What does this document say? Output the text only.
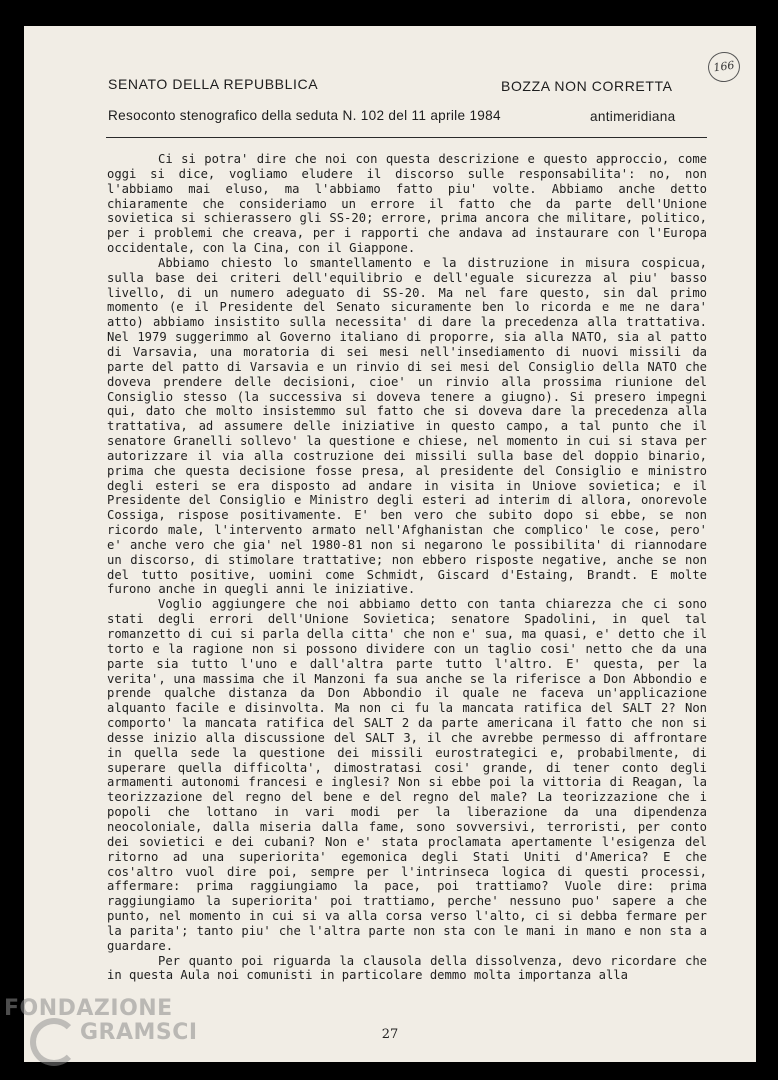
SENATO DELLA REPUBBLICA	BOZZA NON CORRETTA
166
Resoconto stenografico della seduta N. 102 del 11 aprile 1984	antimeridiana

Ci si potra' dire che noi con questa descrizione e questo approccio, come oggi si dice, vogliamo eludere il discorso sulle responsabilita': no, non l'abbiamo mai eluso, ma l'abbiamo fatto piu' volte. Abbiamo anche detto chiaramente che consideriamo un errore il fatto che da parte dell'Unione sovietica si schierassero gli SS-20; errore, prima ancora che militare, politico, per i problemi che creava, per i rapporti che andava ad instaurare con l'Europa occidentale, con la Cina, con il Giappone.

Abbiamo chiesto lo smantellamento e la distruzione in misura cospicua, sulla base dei criteri dell'equilibrio e dell'eguale sicurezza al piu' basso livello, di un numero adeguato di SS-20. Ma nel fare questo, sin dal primo momento (e il Presidente del Senato sicuramente ben lo ricorda e me ne dara' atto) abbiamo insistito sulla necessita' di dare la precedenza alla trattativa. Nel 1979 suggerimmo al Governo italiano di proporre, sia alla NATO, sia al patto di Varsavia, una moratoria di sei mesi nell'insediamento di nuovi missili da parte del patto di Varsavia e un rinvio di sei mesi del Consiglio della NATO che doveva prendere delle decisioni, cioe' un rinvio alla prossima riunione del Consiglio stesso (la successiva si doveva tenere a giugno). Si presero impegni qui, dato che molto insistemmo sul fatto che si doveva dare la precedenza alla trattativa, ad assumere delle iniziative in questo campo, a tal punto che il senatore Granelli sollevo' la questione e chiese, nel momento in cui si stava per autorizzare il via alla costruzione dei missili sulla base del doppio binario, prima che questa decisione fosse presa, al presidente del Consiglio e ministro degli esteri se era disposto ad andare in visita in Uniove sovietica; e il Presidente del Consiglio e Ministro degli esteri ad interim di allora, onorevole Cossiga, rispose positivamente. E' ben vero che subito dopo si ebbe, se non ricordo male, l'intervento armato nell'Afghanistan che complico' le cose, pero' e' anche vero che gia' nel 1980-81 non si negarono le possibilita' di riannodare un discorso, di stimolare trattative; non ebbero risposte negative, anche se non del tutto positive, uomini come Schmidt, Giscard d'Estaing, Brandt. E molte furono anche in quegli anni le iniziative.

Voglio aggiungere che noi abbiamo detto con tanta chiarezza che ci sono stati degli errori dell'Unione Sovietica; senatore Spadolini, in quel tal romanzetto di cui si parla della citta' che non e' sua, ma quasi, e' detto che il torto e la ragione non si possono dividere con un taglio cosi' netto che da una parte sia tutto l'uno e dall'altra parte tutto l'altro. E' questa, per la verita', una massima che il Manzoni fa sua anche se la riferisce a Don Abbondio e prende qualche distanza da Don Abbondio il quale ne faceva un'applicazione alquanto facile e disinvolta. Ma non ci fu la mancata ratifica del SALT 2? Non comporto' la mancata ratifica del SALT 2 da parte americana il fatto che non si desse inizio alla discussione del SALT 3, il che avrebbe permesso di affrontare in quella sede la questione dei missili eurostrategici e, probabilmente, di superare quella difficolta', dimostratasi cosi' grande, di tener conto degli armamenti autonomi francesi e inglesi? Non si ebbe poi la vittoria di Reagan, la teorizzazione del regno del bene e del regno del male? La teorizzazione che i popoli che lottano in vari modi per la liberazione da una dipendenza neocoloniale, dalla miseria dalla fame, sono sovversivi, terroristi, per conto dei sovietici e dei cubani? Non e' stata proclamata apertamente l'esigenza del ritorno ad una superiorita' egemonica degli Stati Uniti d'America? E che cos'altro vuol dire poi, sempre per l'intrinseca logica di questi processi, affermare: prima raggiungiamo la pace, poi trattiamo? Vuole dire: prima raggiungiamo la superiorita' poi trattiamo, perche' nessuno puo' sapere a che punto, nel momento in cui si va alla corsa verso l'alto, ci si debba fermare per la parita'; tanto piu' che l'altra parte non sta con le mani in mano e non sta a guardare.

Per quanto poi riguarda la clausola della dissolvenza, devo ricordare che in questa Aula noi comunisti in particolare demmo molta importanza alla

27
FONDAZIONE
GRAMSCI
